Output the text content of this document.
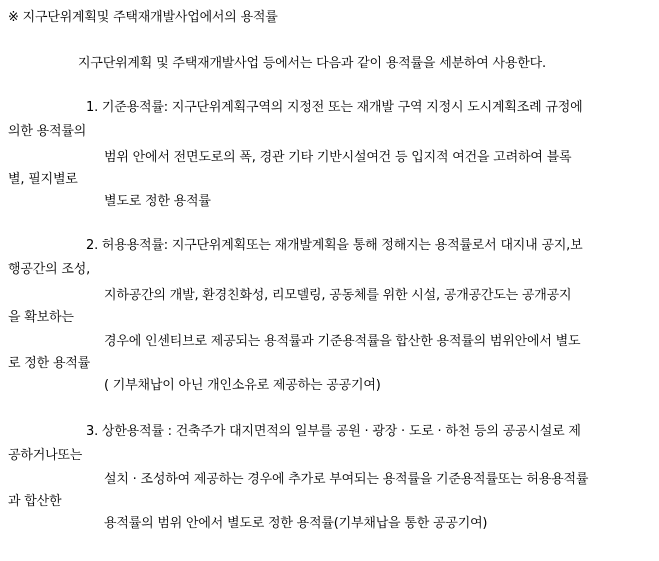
※ 지구단위계획및 주택재개발사업에서의 용적률
지구단위계획 및 주택재개발사업 등에서는 다음과 같이 용적률을 세분하여 사용한다.
1. 기준용적률: 지구단위계획구역의 지정전 또는 재개발 구역 지정시 도시계획조례 규정에
의한 용적률의
범위 안에서 전면도로의 폭, 경관 기타 기반시설여건 등 입지적 여건을 고려하여 블록
별, 필지별로
별도로 정한 용적률
2. 허용용적률: 지구단위계획또는 재개발계획을 통해 정해지는 용적률로서 대지내 공지,보
행공간의 조성,
지하공간의 개발, 환경친화성, 리모델링, 공동체를 위한 시설, 공개공간도는 공개공지
을 확보하는
경우에 인센티브로 제공되는 용적률과 기준용적률을 합산한 용적률의 범위안에서 별도
로 정한 용적률
( 기부채납이 아닌 개인소유로 제공하는 공공기여)
3. 상한용적률 : 건축주가 대지면적의 일부를 공원 · 광장 · 도로 · 하천 등의 공공시설로 제
공하거나또는
설치 · 조성하여 제공하는 경우에 추가로 부여되는 용적률을 기준용적률또는 허용용적률
과 합산한
용적률의 범위 안에서 별도로 정한 용적률(기부채납을 통한 공공기여)
